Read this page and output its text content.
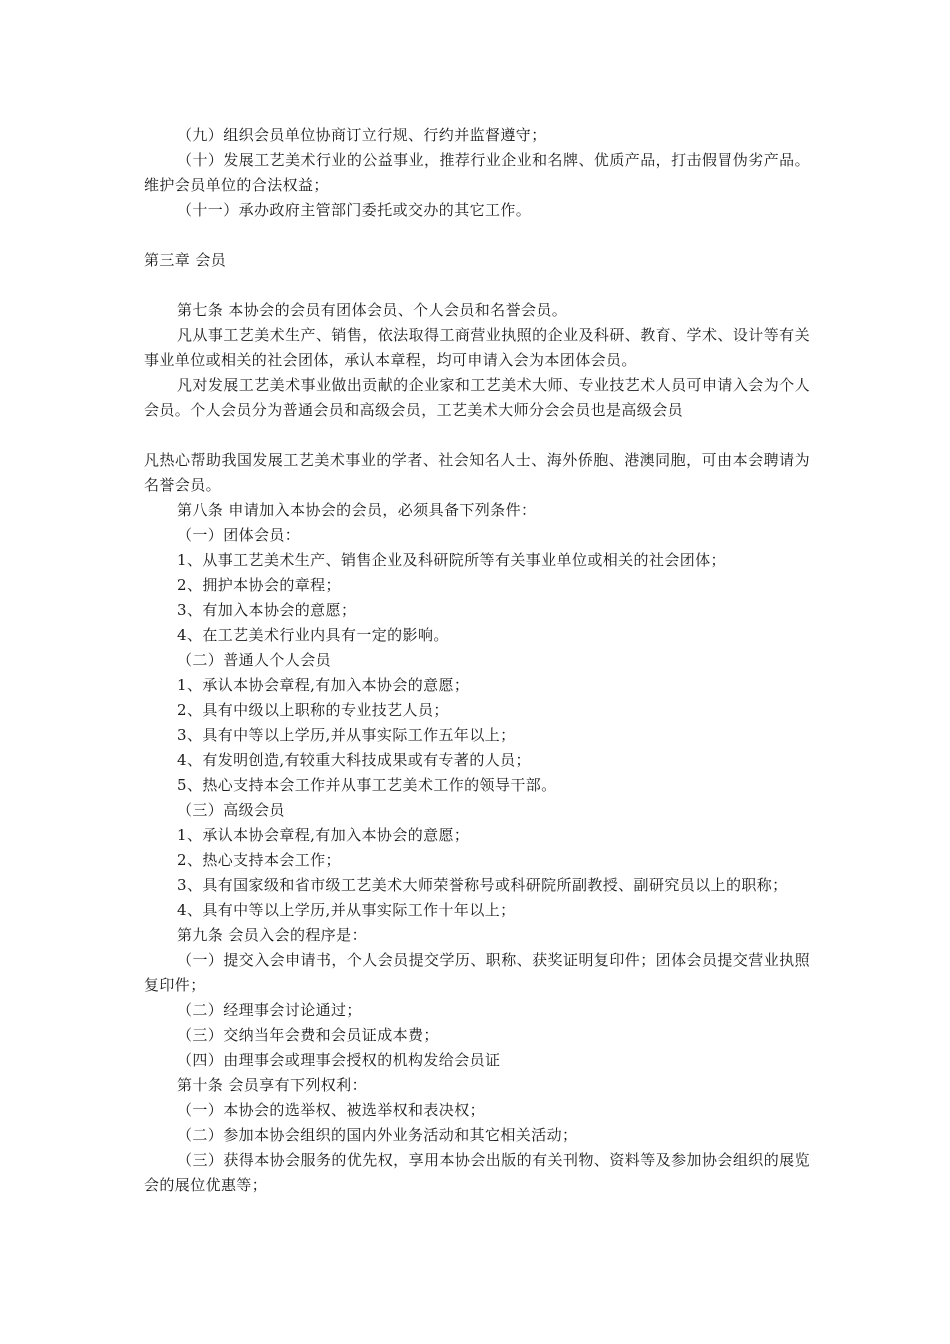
（九）组织会员单位协商订立行规、行约并监督遵守；

（十）发展工艺美术行业的公益事业，推荐行业企业和名牌、优质产品，打击假冒伪劣产品。维护会员单位的合法权益；

（十一）承办政府主管部门委托或交办的其它工作。

第三章 会员

第七条 本协会的会员有团体会员、个人会员和名誉会员。

凡从事工艺美术生产、销售，依法取得工商营业执照的企业及科研、教育、学术、设计等有关事业单位或相关的社会团体，承认本章程，均可申请入会为本团体会员。

凡对发展工艺美术事业做出贡献的企业家和工艺美术大师、专业技艺术人员可申请入会为个人会员。个人会员分为普通会员和高级会员，工艺美术大师分会会员也是高级会员

凡热心帮助我国发展工艺美术事业的学者、社会知名人士、海外侨胞、港澳同胞，可由本会聘请为名誉会员。

第八条 申请加入本协会的会员，必须具备下列条件：

（一）团体会员：

1、从事工艺美术生产、销售企业及科研院所等有关事业单位或相关的社会团体；

2、拥护本协会的章程；

3、有加入本协会的意愿；

4、在工艺美术行业内具有一定的影响。

（二）普通人个人会员

1、承认本协会章程,有加入本协会的意愿；

2、具有中级以上职称的专业技艺人员；

3、具有中等以上学历,并从事实际工作五年以上；

4、有发明创造,有较重大科技成果或有专著的人员；

5、热心支持本会工作并从事工艺美术工作的领导干部。

（三）高级会员

1、承认本协会章程,有加入本协会的意愿；

2、热心支持本会工作；

3、具有国家级和省市级工艺美术大师荣誉称号或科研院所副教授、副研究员以上的职称；

4、具有中等以上学历,并从事实际工作十年以上；

第九条 会员入会的程序是：

（一）提交入会申请书，个人会员提交学历、职称、获奖证明复印件；团体会员提交营业执照复印件；

（二）经理事会讨论通过；

（三）交纳当年会费和会员证成本费；

（四）由理事会或理事会授权的机构发给会员证

第十条 会员享有下列权利：

（一）本协会的选举权、被选举权和表决权；

（二）参加本协会组织的国内外业务活动和其它相关活动；

（三）获得本协会服务的优先权，享用本协会出版的有关刊物、资料等及参加协会组织的展览会的展位优惠等；
